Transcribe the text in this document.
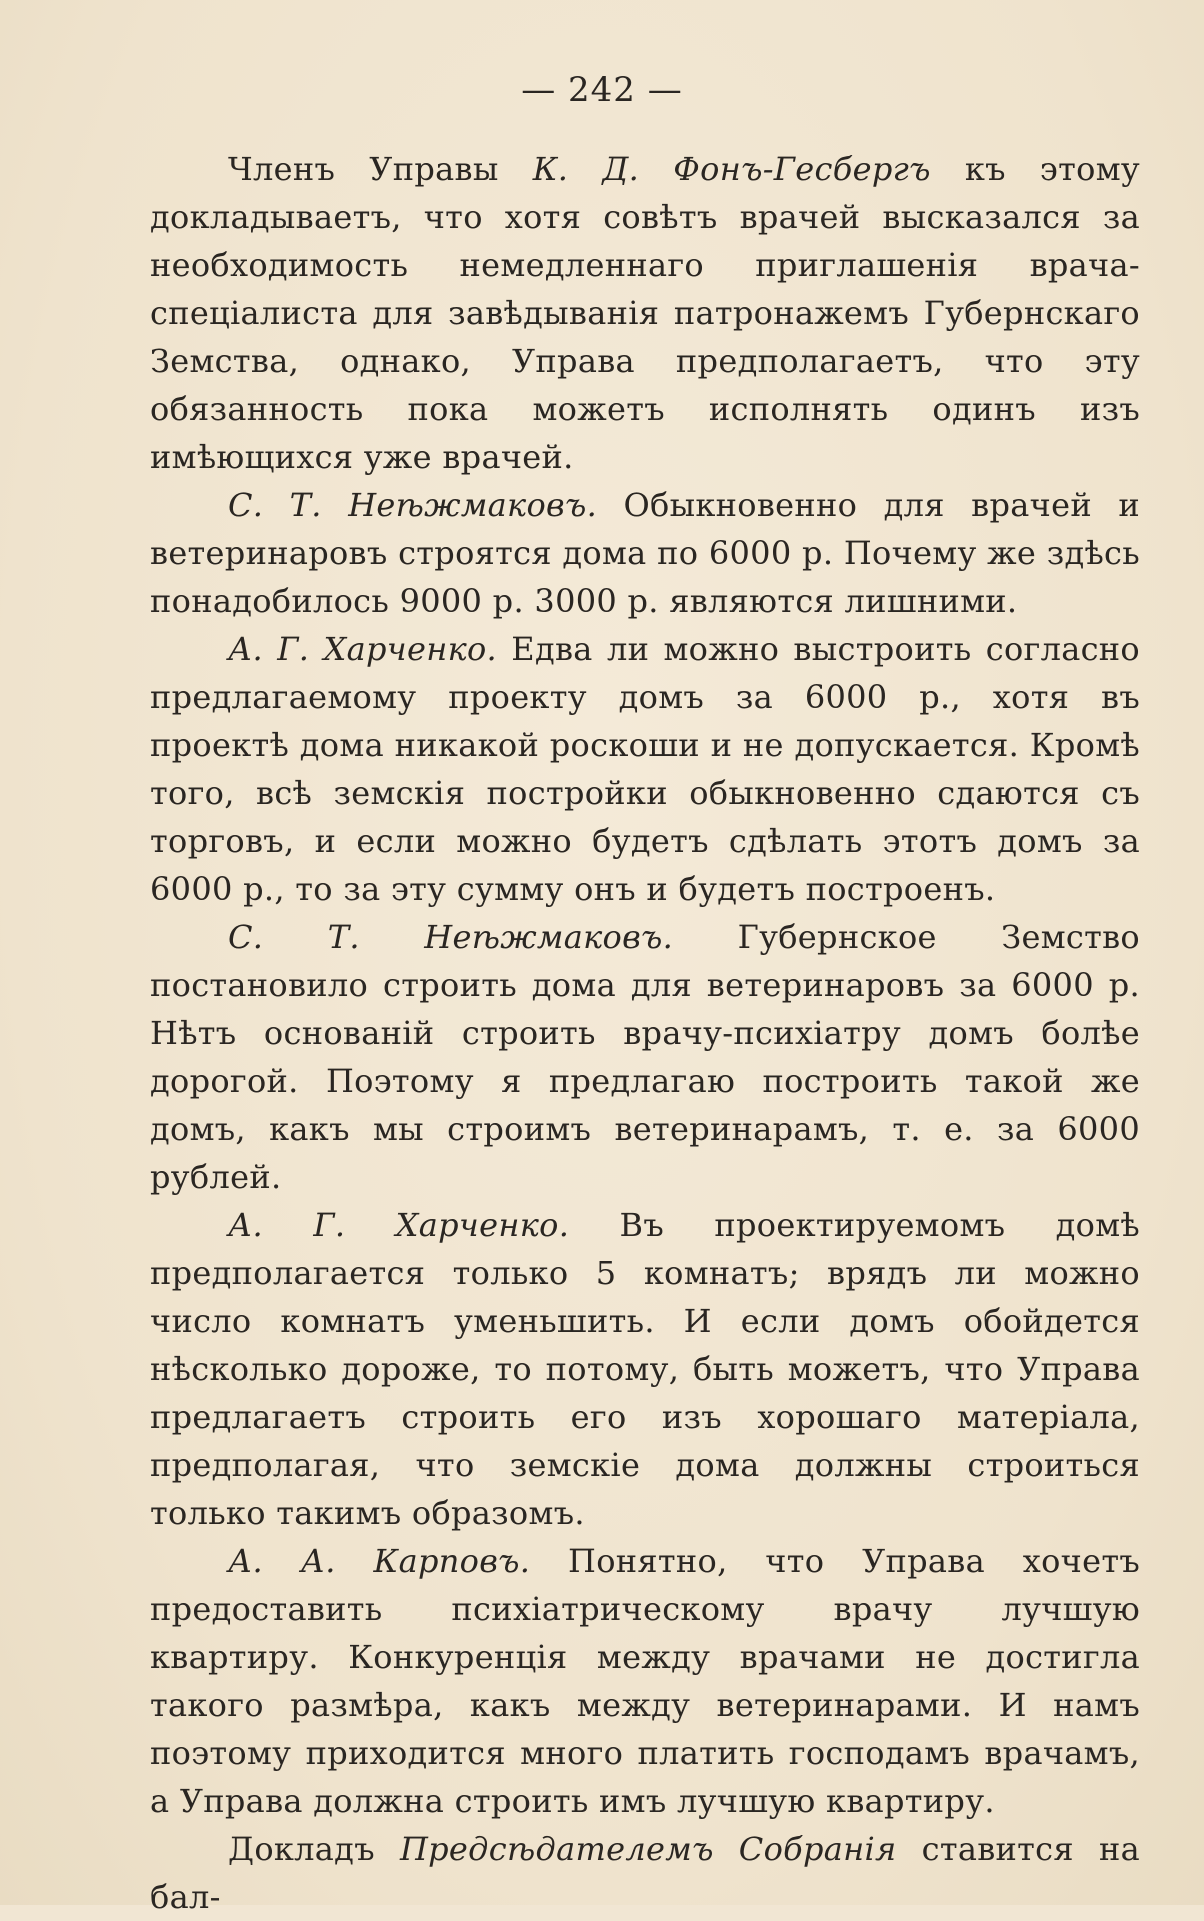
— 242 —

Членъ Управы К. Д. Фонъ-Гесбергъ къ этому докладываетъ, что хотя совѣтъ врачей высказался за необходимость немедленнаго приглашенія врача-спеціалиста для завѣдыванія патронажемъ Губернскаго Земства, однако, Управа предполагаетъ, что эту обязанность пока можетъ исполнять одинъ изъ имѣющихся уже врачей.

С. Т. Неѣжмаковъ. Обыкновенно для врачей и ветеринаровъ строятся дома по 6000 р. Почему же здѣсь понадобилось 9000 р. 3000 р. являются лишними.

А. Г. Харченко. Едва ли можно выстроить согласно предлагаемому проекту домъ за 6000 р., хотя въ проектѣ дома никакой роскоши и не допускается. Кромѣ того, всѣ земскія постройки обыкновенно сдаются съ торговъ, и если можно будетъ сдѣлать этотъ домъ за 6000 р., то за эту сумму онъ и будетъ построенъ.

С. Т. Неѣжмаковъ. Губернское Земство постановило строить дома для ветеринаровъ за 6000 р. Нѣтъ основаній строить врачу-психіатру домъ болѣе дорогой. Поэтому я предлагаю построить такой же домъ, какъ мы строимъ ветеринарамъ, т. е. за 6000 рублей.

А. Г. Харченко. Въ проектируемомъ домѣ предполагается только 5 комнатъ; врядъ ли можно число комнатъ уменьшить. И если домъ обойдется нѣсколько дороже, то потому, быть можетъ, что Управа предлагаетъ строить его изъ хорошаго матеріала, предполагая, что земскіе дома должны строиться только такимъ образомъ.

А. А. Карповъ. Понятно, что Управа хочетъ предоставить психіатрическому врачу лучшую квартиру. Конкуренція между врачами не достигла такого размѣра, какъ между ветеринарами. И намъ поэтому приходится много платить господамъ врачамъ, а Управа должна строить имъ лучшую квартиру.

Докладъ Предсѣдателемъ Собранія ставится на бал-
